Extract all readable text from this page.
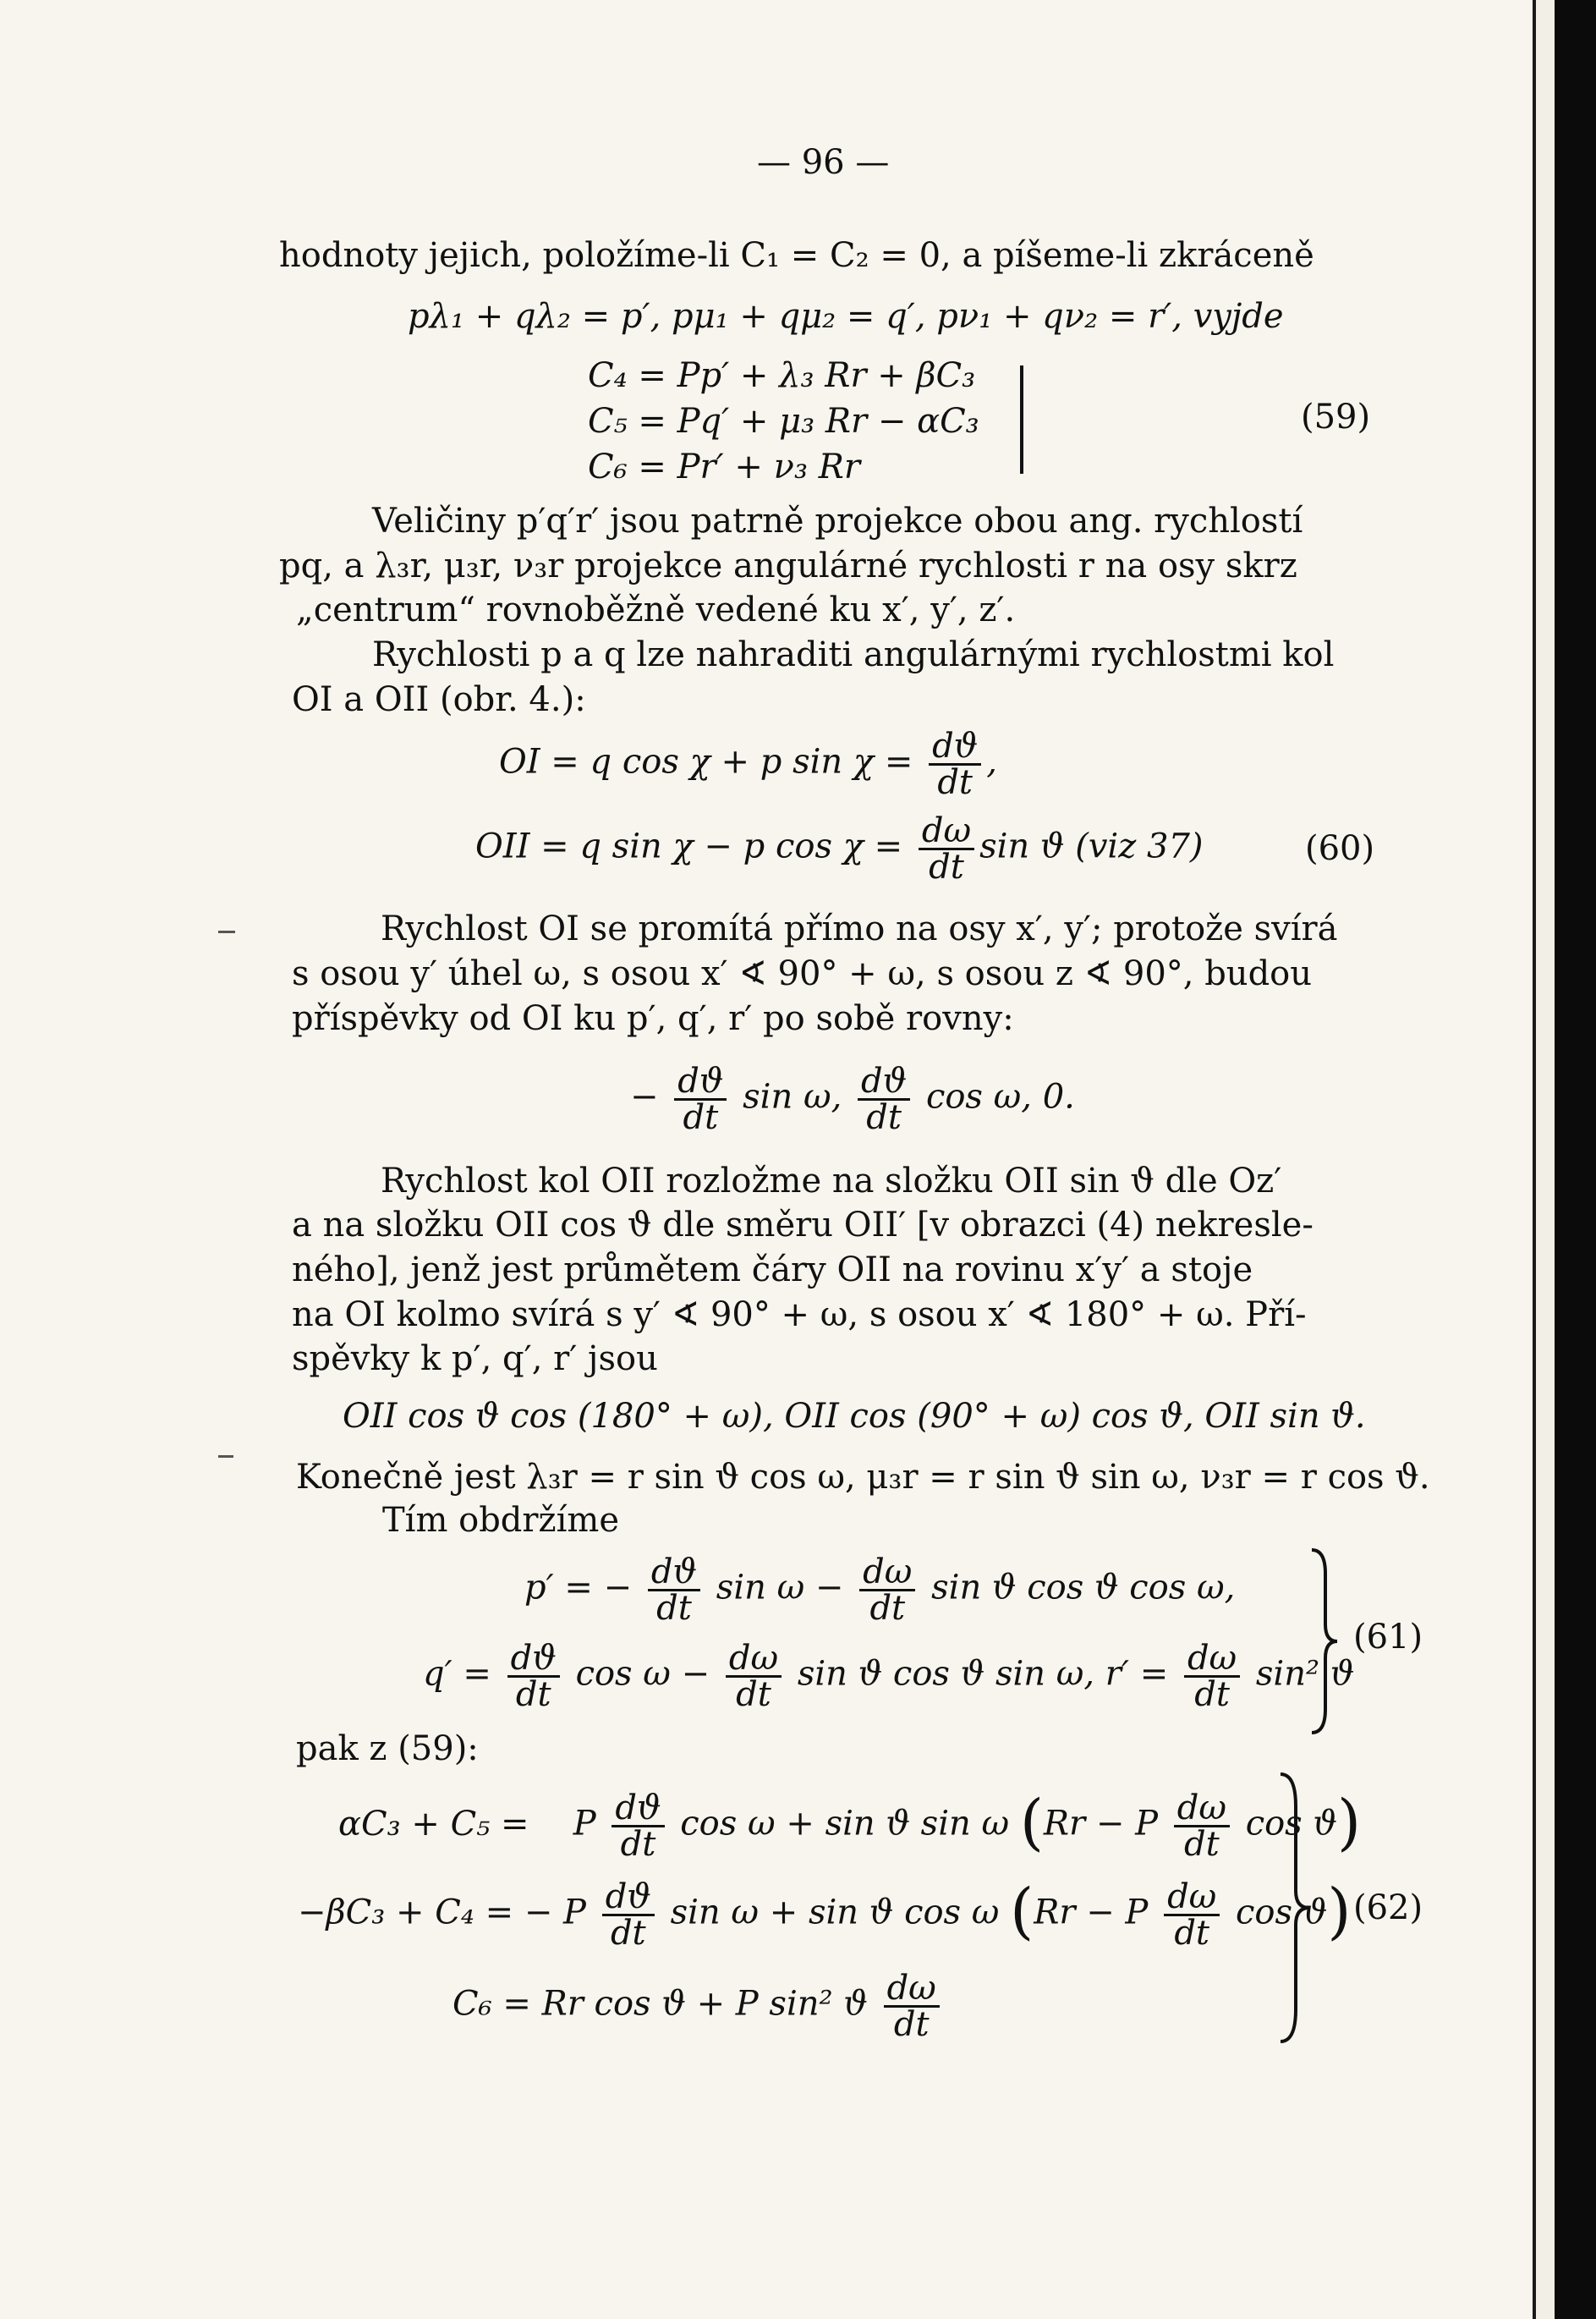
— 96 —
hodnoty jejich, položíme-li C₁ = C₂ = 0, a píšeme-li zkráceně
pλ₁ + qλ₂ = p′, pμ₁ + qμ₂ = q′, pν₁ + qν₂ = r′, vyjde
C₄ = Pp′ + λ₃ Rr + βC₃
C₅ = Pq′ + μ₃ Rr − αC₃
C₆ = Pr′ + ν₃ Rr
(59)
Veličiny p′q′r′ jsou patrně projekce obou ang. rychlostí
pq, a λ₃r, μ₃r, ν₃r projekce angulárné rychlosti r na osy skrz
„centrum“ rovnoběžně vedené ku x′, y′, z′.
Rychlosti p a q lze nahraditi angulárnými rychlostmi kol
OI a OII (obr. 4.):
OI = q cos χ + p $\sin \chi = \frac{dϑ}{dt}$ ,
OII = q sin χ − p $\cos \chi = \frac{d\omega}{dt}$ sin ϑ (viz 37)	(60)
Rychlost OI se promítá přímo na osy x′, y′; protože svírá
s osou y′ úhel ω, s osou x′ ∢ 90° + ω, s osou z ∢ 90°, budou
příspěvky od OI ku p′, q′, r′ po sobě rovny:
− $\frac{dϑ}{dt}$ sin ω, $\frac{dϑ}{dt}$ cos ω, 0.
Rychlost kol OII rozložme na složku OII sin ϑ dle Oz′
a na složku OII cos ϑ dle směru OII′ [v obrazci (4) nekresle-
ného], jenž jest průmětem čáry OII na rovinu x′y′ a stoje
na OI kolmo svírá s y′ ∢ 90° + ω, s osou x′ ∢ 180° + ω. Pří-
spěvky k p′, q′, r′ jsou
OII cos ϑ cos (180° + ω), OII cos (90° + ω) cos ϑ, OII sin ϑ.
Konečně jest λ₃r = r sin ϑ cos ω, μ₃r = r sin ϑ sin ω, ν₃r = r cos ϑ.
Tím obdržíme
p′ = − $\frac{dϑ}{dt}$ $\sin \omega - \frac{d\omega}{dt}$ sin ϑ cos ϑ cos ω,
$q' = \frac{dϑ}{dt}$ $\cos \omega - \frac{d\omega}{dt}$ sin ϑ cos ϑ sin ω, $r' = \frac{d\omega}{dt} \sin^2$ ϑ
(61)
pak z (59):
αC₃ + C₅ = P $\frac{dϑ}{dt}$ cos ω + sin ϑ sin ω (Rr − P $\frac{d\omega}{dt}$ cos ϑ)
−βC₃ + C₄ = − P $\frac{dϑ}{dt}$ sin ω + sin ϑ cos ω (Rr − P $\frac{d\omega}{dt}$ cos ϑ)
C₆ = Rr cos ϑ + P sin² ϑ $\frac{d\omega}{dt}$
(62)
